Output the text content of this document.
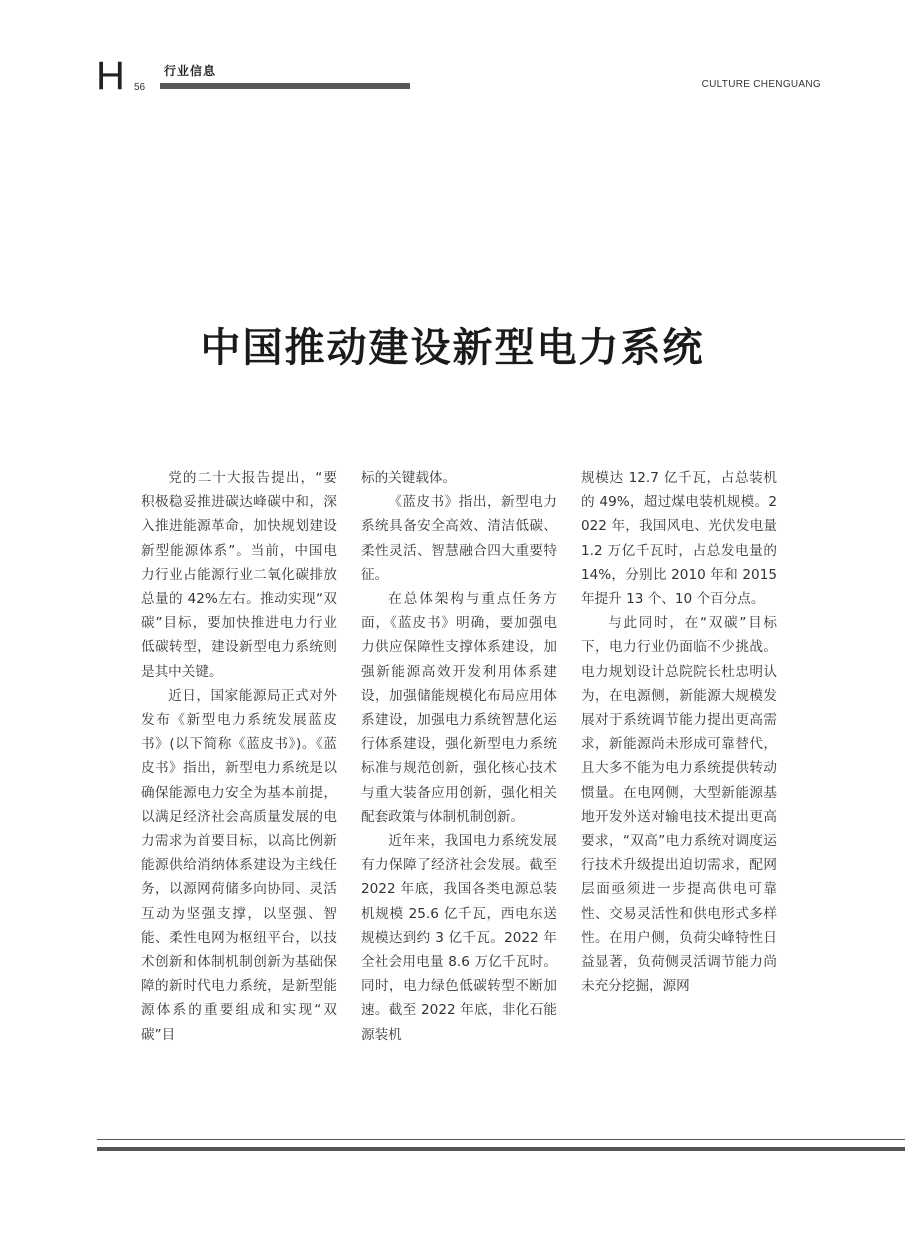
H 56
行业信息
CULTURE CHENGUANG
中国推动建设新型电力系统

党的二十大报告提出，“要积极稳妥推进碳达峰碳中和，深入推进能源革命，加快规划建设新型能源体系”。当前，中国电力行业占能源行业二氧化碳排放总量的 42%左右。推动实现“双碳”目标，要加快推进电力行业低碳转型，建设新型电力系统则是其中关键。

近日，国家能源局正式对外发布《新型电力系统发展蓝皮书》(以下简称《蓝皮书》)。《蓝皮书》指出，新型电力系统是以确保能源电力安全为基本前提，以满足经济社会高质量发展的电力需求为首要目标，以高比例新能源供给消纳体系建设为主线任务，以源网荷储多向协同、灵活互动为坚强支撑，以坚强、智能、柔性电网为枢纽平台，以技术创新和体制机制创新为基础保障的新时代电力系统，是新型能源体系的重要组成和实现“双碳”目

标的关键载体。

《蓝皮书》指出，新型电力系统具备安全高效、清洁低碳、柔性灵活、智慧融合四大重要特征。

在总体架构与重点任务方面，《蓝皮书》明确，要加强电力供应保障性支撑体系建设，加强新能源高效开发利用体系建设，加强储能规模化布局应用体系建设，加强电力系统智慧化运行体系建设，强化新型电力系统标准与规范创新，强化核心技术与重大装备应用创新，强化相关配套政策与体制机制创新。

近年来，我国电力系统发展有力保障了经济社会发展。截至 2022 年底，我国各类电源总装机规模 25.6 亿千瓦，西电东送规模达到约 3 亿千瓦。2022 年全社会用电量 8.6 万亿千瓦时。同时，电力绿色低碳转型不断加速。截至 2022 年底，非化石能源装机

规模达 12.7 亿千瓦，占总装机的 49%，超过煤电装机规模。2022 年，我国风电、光伏发电量 1.2 万亿千瓦时，占总发电量的 14%，分别比 2010 年和 2015 年提升 13 个、10 个百分点。

与此同时，在“双碳”目标下，电力行业仍面临不少挑战。电力规划设计总院院长杜忠明认为，在电源侧，新能源大规模发展对于系统调节能力提出更高需求，新能源尚未形成可靠替代，且大多不能为电力系统提供转动惯量。在电网侧，大型新能源基地开发外送对输电技术提出更高要求，“双高”电力系统对调度运行技术升级提出迫切需求，配网层面亟须进一步提高供电可靠性、交易灵活性和供电形式多样性。在用户侧，负荷尖峰特性日益显著，负荷侧灵活调节能力尚未充分挖掘，源网
